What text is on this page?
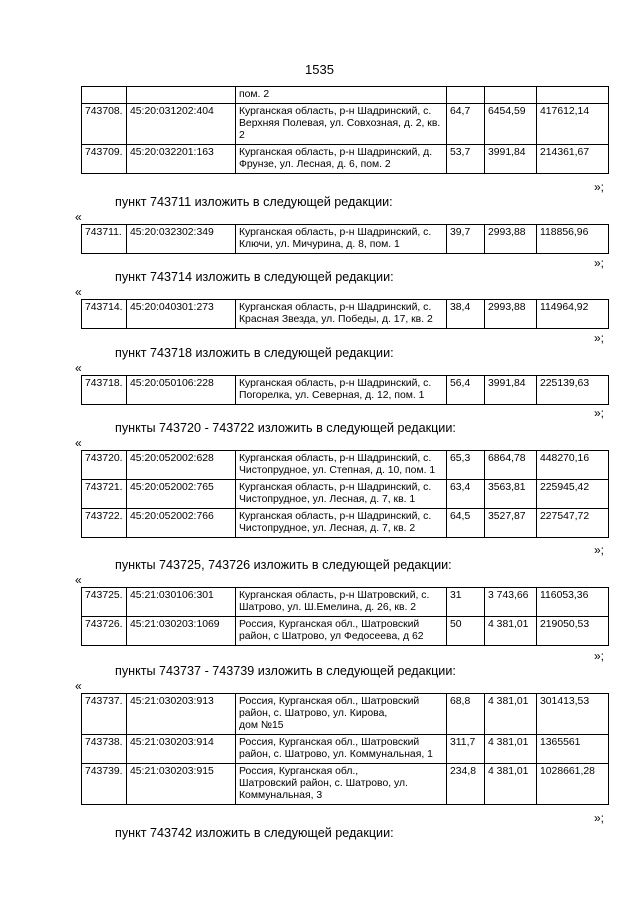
1535
		пом. 2			
743708.	45:20:031202:404	Курганская область, р-н Шадринский, с. Верхняя Полевая, ул. Совхозная, д. 2, кв. 2	64,7	6454,59	417612,14
743709.	45:20:032201:163	Курганская область, р-н Шадринский, д. Фрунзе, ул. Лесная, д. 6, пом. 2	53,7	3991,84	214361,67
»;
пункт 743711 изложить в следующей редакции:
«
743711.	45:20:032302:349	Курганская область, р-н Шадринский, с. Ключи, ул. Мичурина, д. 8, пом. 1	39,7	2993,88	118856,96
»;
пункт 743714 изложить в следующей редакции:
«
743714.	45:20:040301:273	Курганская область, р-н Шадринский, с. Красная Звезда, ул. Победы, д. 17, кв. 2	38,4	2993,88	114964,92
»;
пункт 743718 изложить в следующей редакции:
«
743718.	45:20:050106:228	Курганская область, р-н Шадринский, с. Погорелка, ул. Северная, д. 12, пом. 1	56,4	3991,84	225139,63
»;
пункты 743720 - 743722 изложить в следующей редакции:
«
743720.	45:20:052002:628	Курганская область, р-н Шадринский, с. Чистопрудное, ул. Степная, д. 10, пом. 1	65,3	6864,78	448270,16
743721.	45:20:052002:765	Курганская область, р-н Шадринский, с. Чистопрудное, ул. Лесная, д. 7, кв. 1	63,4	3563,81	225945,42
743722.	45:20:052002:766	Курганская область, р-н Шадринский, с. Чистопрудное, ул. Лесная, д. 7, кв. 2	64,5	3527,87	227547,72
»;
пункты 743725, 743726 изложить в следующей редакции:
«
743725.	45:21:030106:301	Курганская область, р-н Шатровский, с. Шатрово, ул. Ш.Емелина, д. 26, кв. 2	31	3 743,66	116053,36
743726.	45:21:030203:1069	Россия, Курганская обл., Шатровский район, с Шатрово, ул Федосеева, д 62	50	4 381,01	219050,53
»;
пункты 743737 - 743739 изложить в следующей редакции:
«
743737.	45:21:030203:913	Россия, Курганская обл., Шатровский район, с. Шатрово, ул. Кирова,
дом №15	68,8	4 381,01	301413,53
743738.	45:21:030203:914	Россия, Курганская обл., Шатровский район, с. Шатрово, ул. Коммунальная, 1	311,7	4 381,01	1365561
743739.	45:21:030203:915	Россия, Курганская обл.,
Шатровский район, с. Шатрово, ул. Коммунальная, 3	234,8	4 381,01	1028661,28
»;
пункт 743742 изложить в следующей редакции:
